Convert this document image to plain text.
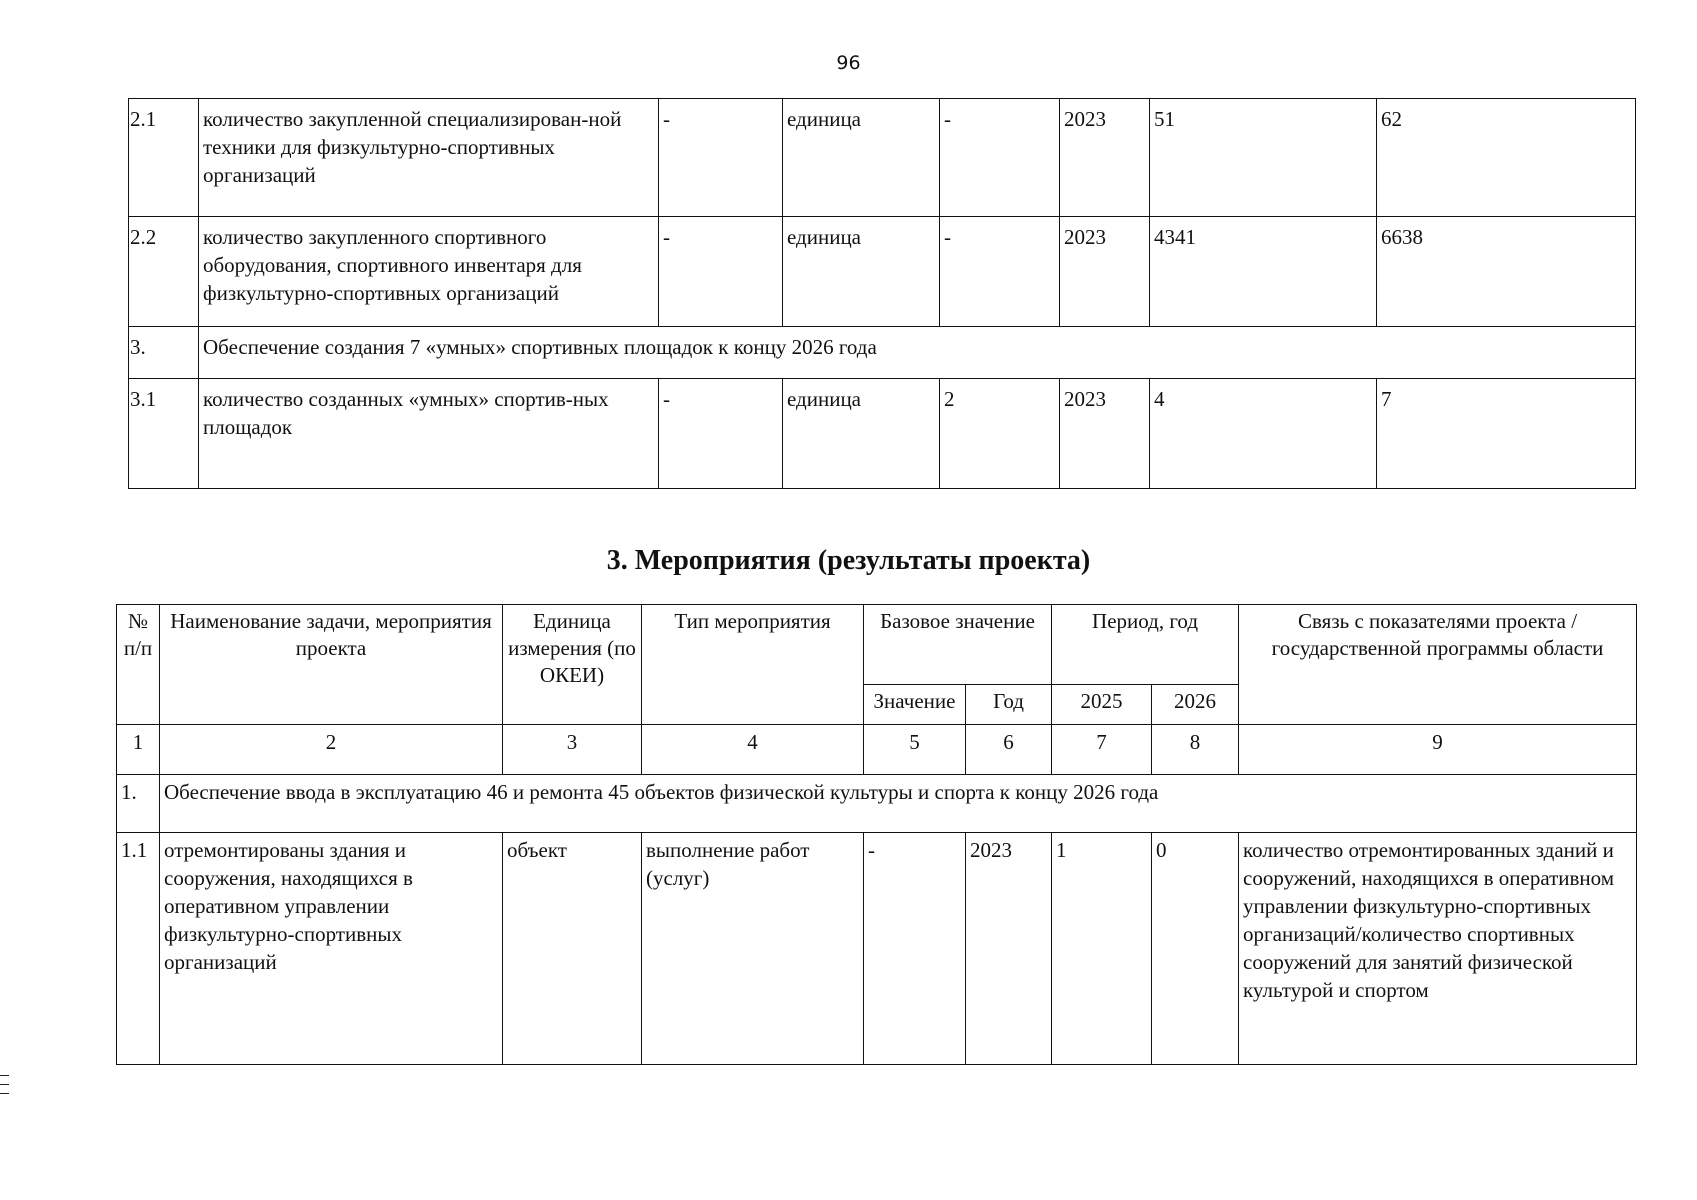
96
2.1	количество закупленной специализирован-ной техники для физкультурно-спортивных организаций	-	единица	-	2023	51	62
2.2	количество закупленного спортивного оборудования, спортивного инвентаря для физкультурно-спортивных организаций	-	единица	-	2023	4341	6638
3.	Обеспечение создания 7 «умных» спортивных площадок к концу 2026 года						
3.1	количество созданных «умных» спортив-ных площадок	-	единица	2	2023	4	7
3. Мероприятия (результаты проекта)
№ п/п	Наименование задачи, мероприятия проекта	Единица измерения (по ОКЕИ)	Тип мероприятия	Базовое значение		Период, год		Связь с показателями проекта / государственной программы области
				Значение	Год	2025	2026	
1	2	3	4	5	6	7	8	9
1.	Обеспечение ввода в эксплуатацию 46 и ремонта 45 объектов физической культуры и спорта к концу 2026 года							
1.1	отремонтированы здания и сооружения, находящихся в оперативном управлении физкультурно-спортивных организаций	объект	выполнение работ (услуг)	-	2023	1	0	количество отремонтированных зданий и сооружений, находящихся в оперативном управлении физкультурно-спортивных организаций/количество спортивных сооружений для занятий физической культурой и спортом
